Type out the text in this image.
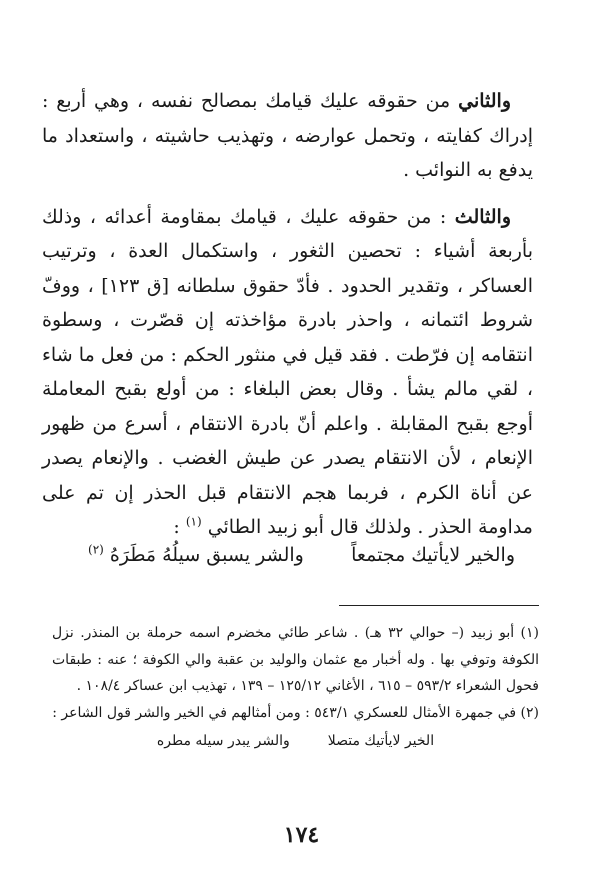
والثاني من حقوقه عليك قيامك بمصالح نفسه ، وهي أربع : إدراك كفايته ، وتحمل عوارضه ، وتهذيب حاشيته ، واستعداد ما يدفع به النوائب .

والثالث : من حقوقه عليك ، قيامك بمقاومة أعدائه ، وذلك بأربعة أشياء : تحصين الثغور ، واستكمال العدة ، وترتيب العساكر ، وتقدير الحدود . فأدّ حقوق سلطانه [ق ١٢٣] ، ووفّ شروط ائتمانه ، واحذر بادرة مؤاخذته إن قصّرت ، وسطوة انتقامه إن فرّطت . فقد قيل في منثور الحكم : من فعل ما شاء ، لقي مالم يشأ . وقال بعض البلغاء : من أولع بقبح المعاملة أوجع بقبح المقابلة . واعلم أنّ بادرة الانتقام ، أسرع من ظهور الإنعام ، لأن الانتقام يصدر عن طيش الغضب . والإنعام يصدر عن أناة الكرم ، فربما هجم الانتقام قبل الحذر إن تم على مداومة الحذر . ولذلك قال أبو زبيد الطائي $^{(١)}$ :

والخير لايأتيك مجتمعاً
والشر يسبق سيلُهُ مَطَرَهُ $^{(٢)}$

(١) أبو زبيد (– حوالي ٣٢ هـ) . شاعر طائي مخضرم اسمه حرملة بن المنذر. نزل الكوفة وتوفي بها . وله أخبار مع عثمان والوليد بن عقبة والي الكوفة ؛ عنه : طبقات فحول الشعراء ٥٩٣/٢ – ٦١٥ ، الأغاني ١٢٥/١٢ – ١٣٩ ، تهذيب ابن عساكر ١٠٨/٤ .

(٢) في جمهرة الأمثال للعسكري ٥٤٣/١ : ومن أمثالهم في الخير والشر قول الشاعر :

الخير لايأتيك متصلا
والشر يبدر سيله مطره
١٧٤
